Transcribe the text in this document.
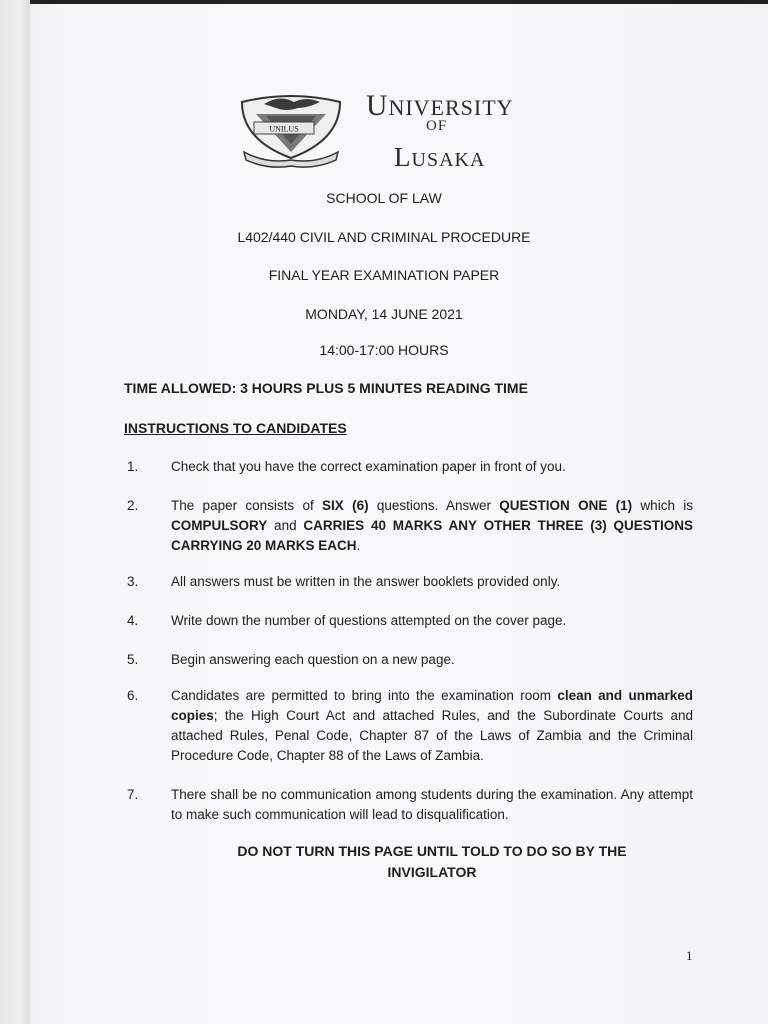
UNILUS
UNIVERSITY
OF
LUSAKA
SCHOOL OF LAW
L402/440 CIVIL AND CRIMINAL PROCEDURE
FINAL YEAR EXAMINATION PAPER
MONDAY, 14 JUNE 2021
14:00-17:00 HOURS
TIME ALLOWED: 3 HOURS PLUS 5 MINUTES READING TIME
INSTRUCTIONS TO CANDIDATES
1. Check that you have the correct examination paper in front of you.
2. The paper consists of SIX (6) questions. Answer QUESTION ONE (1) which is COMPULSORY and CARRIES 40 MARKS ANY OTHER THREE (3) QUESTIONS CARRYING 20 MARKS EACH.
3. All answers must be written in the answer booklets provided only.
4. Write down the number of questions attempted on the cover page.
5. Begin answering each question on a new page.
6. Candidates are permitted to bring into the examination room clean and unmarked copies; the High Court Act and attached Rules, and the Subordinate Courts and attached Rules, Penal Code, Chapter 87 of the Laws of Zambia and the Criminal Procedure Code, Chapter 88 of the Laws of Zambia.
7. There shall be no communication among students during the examination. Any attempt to make such communication will lead to disqualification.
DO NOT TURN THIS PAGE UNTIL TOLD TO DO SO BY THE
INVIGILATOR
1
